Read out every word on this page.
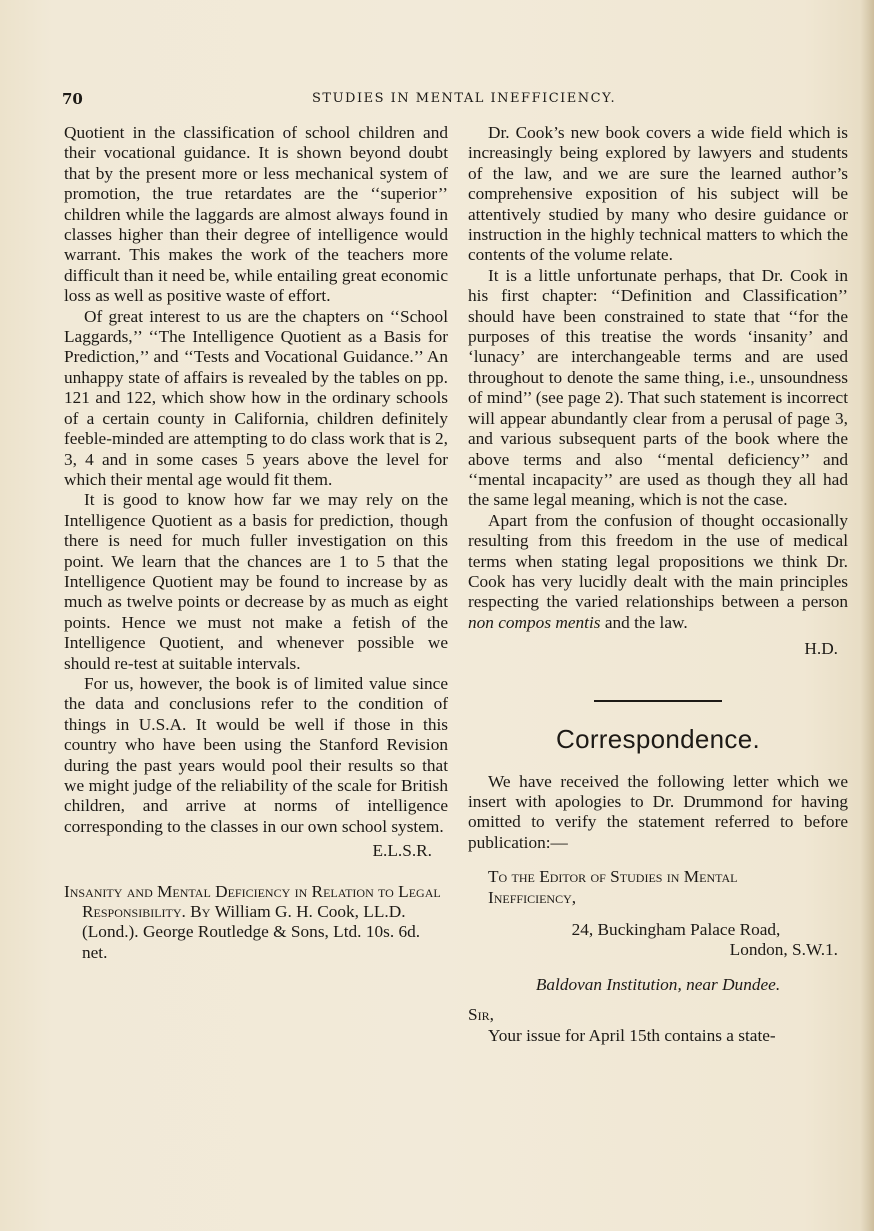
70	STUDIES IN MENTAL INEFFICIENCY.

Quotient in the classification of school children and their vocational guidance. It is shown beyond doubt that by the present more or less mechanical system of promotion, the true retardates are the ‘‘superior’’ children while the laggards are almost always found in classes higher than their degree of intelligence would warrant. This makes the work of the teachers more difficult than it need be, while entailing great economic loss as well as positive waste of effort.

Of great interest to us are the chapters on ‘‘School Laggards,’’ ‘‘The Intelligence Quotient as a Basis for Prediction,’’ and ‘‘Tests and Vocational Guidance.’’ An unhappy state of affairs is revealed by the tables on pp. 121 and 122, which show how in the ordinary schools of a certain county in California, children definitely feeble-minded are attempting to do class work that is 2, 3, 4 and in some cases 5 years above the level for which their mental age would fit them.

It is good to know how far we may rely on the Intelligence Quotient as a basis for prediction, though there is need for much fuller investigation on this point. We learn that the chances are 1 to 5 that the Intelligence Quotient may be found to increase by as much as twelve points or decrease by as much as eight points. Hence we must not make a fetish of the Intelligence Quotient, and whenever possible we should re-test at suitable intervals.

For us, however, the book is of limited value since the data and conclusions refer to the condition of things in U.S.A. It would be well if those in this country who have been using the Stanford Revision during the past years would pool their results so that we might judge of the reliability of the scale for British children, and arrive at norms of intelligence corresponding to the classes in our own school system.

E.L.S.R.
Insanity and Mental Deficiency in Relation to Legal Responsibility. By William G. H. Cook, LL.D. (Lond.). George Routledge & Sons, Ltd. 10s. 6d. net.

Dr. Cook’s new book covers a wide field which is increasingly being explored by lawyers and students of the law, and we are sure the learned author’s comprehensive exposition of his subject will be attentively studied by many who desire guidance or instruction in the highly technical matters to which the contents of the volume relate.

It is a little unfortunate perhaps, that Dr. Cook in his first chapter: ‘‘Definition and Classification’’ should have been constrained to state that ‘‘for the purposes of this treatise the words ‘insanity’ and ‘lunacy’ are interchangeable terms and are used throughout to denote the same thing, i.e., unsoundness of mind’’ (see page 2). That such statement is incorrect will appear abundantly clear from a perusal of page 3, and various subsequent parts of the book where the above terms and also ‘‘mental deficiency’’ and ‘‘mental incapacity’’ are used as though they all had the same legal meaning, which is not the case.

Apart from the confusion of thought occasionally resulting from this freedom in the use of medical terms when stating legal propositions we think Dr. Cook has very lucidly dealt with the main principles respecting the varied relationships between a person non compos mentis and the law.

H.D.
Correspondence.

We have received the following letter which we insert with apologies to Dr. Drummond for having omitted to verify the statement referred to before publication:—

To the Editor of Studies in Mental

Inefficiency,

24, Buckingham Palace Road,
London, S.W.1.
Baldovan Institution, near Dundee.

Sir,

Your issue for April 15th contains a state-
